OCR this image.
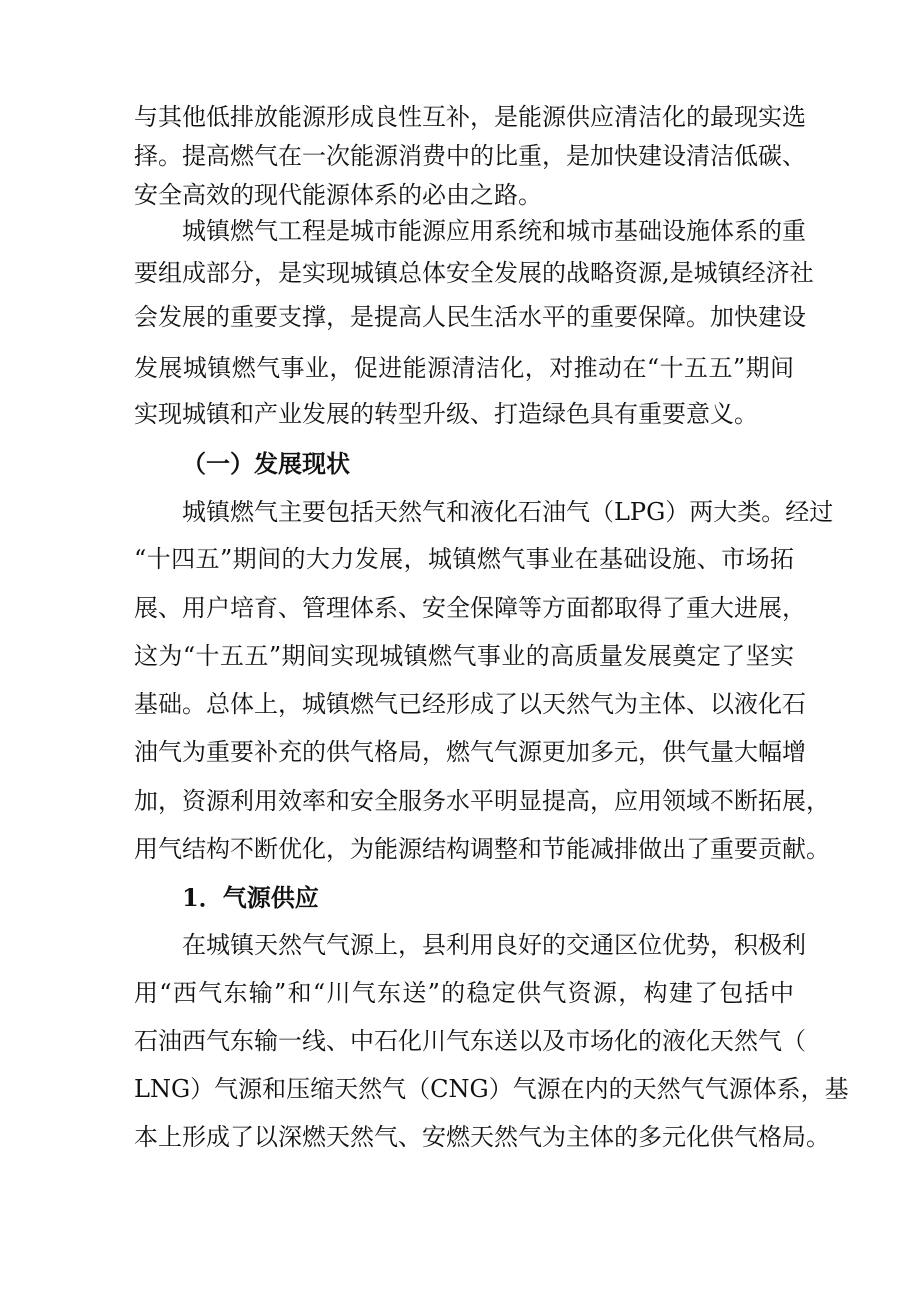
与其他低排放能源形成良性互补，是能源供应清洁化的最现实选
择。提高燃气在一次能源消费中的比重，是加快建设清洁低碳、
安全高效的现代能源体系的必由之路。
城镇燃气工程是城市能源应用系统和城市基础设施体系的重
要组成部分，是实现城镇总体安全发展的战略资源,是城镇经济社
会发展的重要支撑，是提高人民生活水平的重要保障。加快建设
发展城镇燃气事业，促进能源清洁化，对推动在“十五五”期间
实现城镇和产业发展的转型升级、打造绿色具有重要意义。
（一）发展现状
城镇燃气主要包括天然气和液化石油气（LPG）两大类。经过
“十四五”期间的大力发展，城镇燃气事业在基础设施、市场拓
展、用户培育、管理体系、安全保障等方面都取得了重大进展，
这为“十五五”期间实现城镇燃气事业的高质量发展奠定了坚实
基础。总体上，城镇燃气已经形成了以天然气为主体、以液化石
油气为重要补充的供气格局，燃气气源更加多元，供气量大幅增
加，资源利用效率和安全服务水平明显提高，应用领域不断拓展，
用气结构不断优化，为能源结构调整和节能减排做出了重要贡献。
1．气源供应
在城镇天然气气源上，县利用良好的交通区位优势，积极利
用“西气东输”和“川气东送”的稳定供气资源，构建了包括中
石油西气东输一线、中石化川气东送以及市场化的液化天然气（
LNG）气源和压缩天然气（CNG）气源在内的天然气气源体系，基
本上形成了以深燃天然气、安燃天然气为主体的多元化供气格局。
